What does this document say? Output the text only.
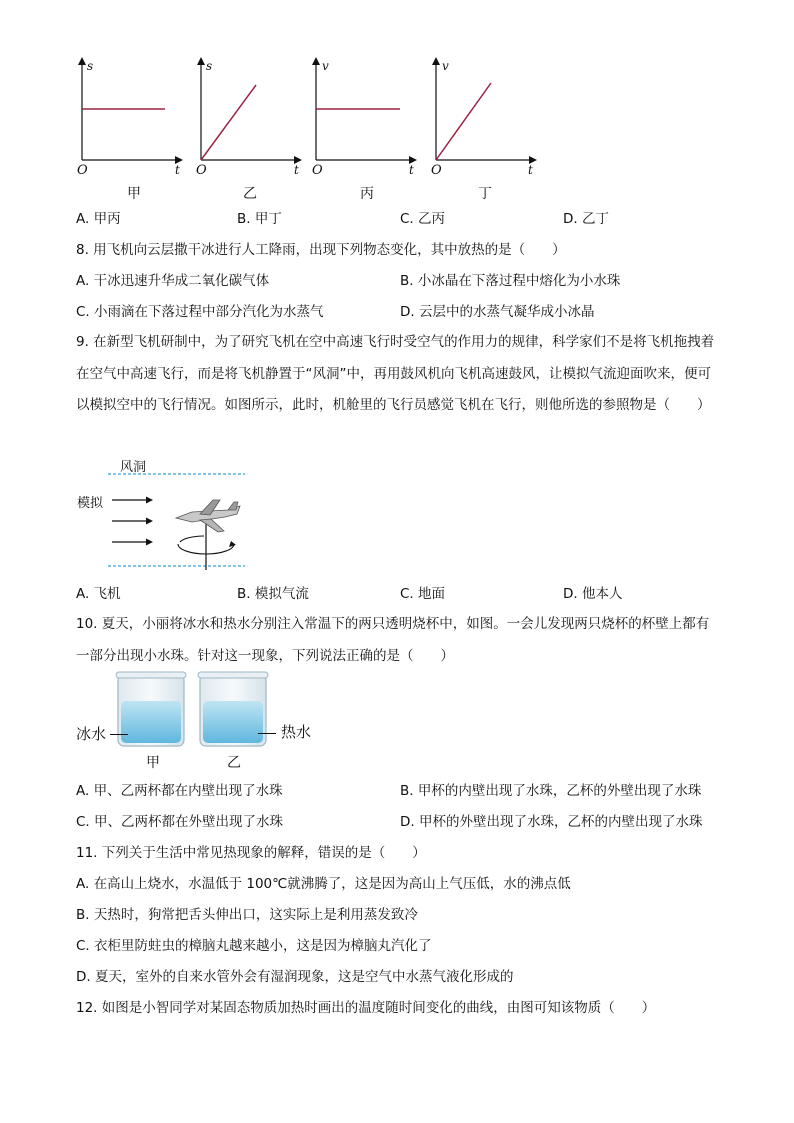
s
t
O
甲
s
t
O
乙
v
t
O
丙
v
t
O
丁
A. 甲丙	B. 甲丁	C. 乙丙	D. 乙丁
8. 用飞机向云层撒干冰进行人工降雨，出现下列物态变化，其中放热的是（　　）
A. 干冰迅速升华成二氧化碳气体	B. 小冰晶在下落过程中熔化为小水珠
C. 小雨滴在下落过程中部分汽化为水蒸气	D. 云层中的水蒸气凝华成小冰晶
9. 在新型飞机研制中，为了研究飞机在空中高速飞行时受空气的作用力的规律，科学家们不是将飞机拖拽着在空气中高速飞行，而是将飞机静置于“风洞”中，再用鼓风机向飞机高速鼓风，让模拟气流迎面吹来，便可以模拟空中的飞行情况。如图所示，此时，机舱里的飞行员感觉飞机在飞行，则他所选的参照物是（　　）
风洞
模拟
A. 飞机	B. 模拟气流	C. 地面	D. 他本人
10. 夏天，小丽将冰水和热水分别注入常温下的两只透明烧杯中，如图。一会儿发现两只烧杯的杯壁上都有一部分出现小水珠。针对这一现象，下列说法正确的是（　　）
冰水	热水
甲	乙
A. 甲、乙两杯都在内壁出现了水珠	B. 甲杯的内壁出现了水珠，乙杯的外壁出现了水珠
C. 甲、乙两杯都在外壁出现了水珠	D. 甲杯的外壁出现了水珠，乙杯的内壁出现了水珠
11. 下列关于生活中常见热现象的解释，错误的是（　　）
A. 在高山上烧水，水温低于 100℃就沸腾了，这是因为高山上气压低，水的沸点低
B. 天热时，狗常把舌头伸出口，这实际上是利用蒸发致冷
C. 衣柜里防蛀虫的樟脑丸越来越小，这是因为樟脑丸汽化了
D. 夏天，室外的自来水管外会有湿润现象，这是空气中水蒸气液化形成的
12. 如图是小智同学对某固态物质加热时画出的温度随时间变化的曲线，由图可知该物质（　　）
